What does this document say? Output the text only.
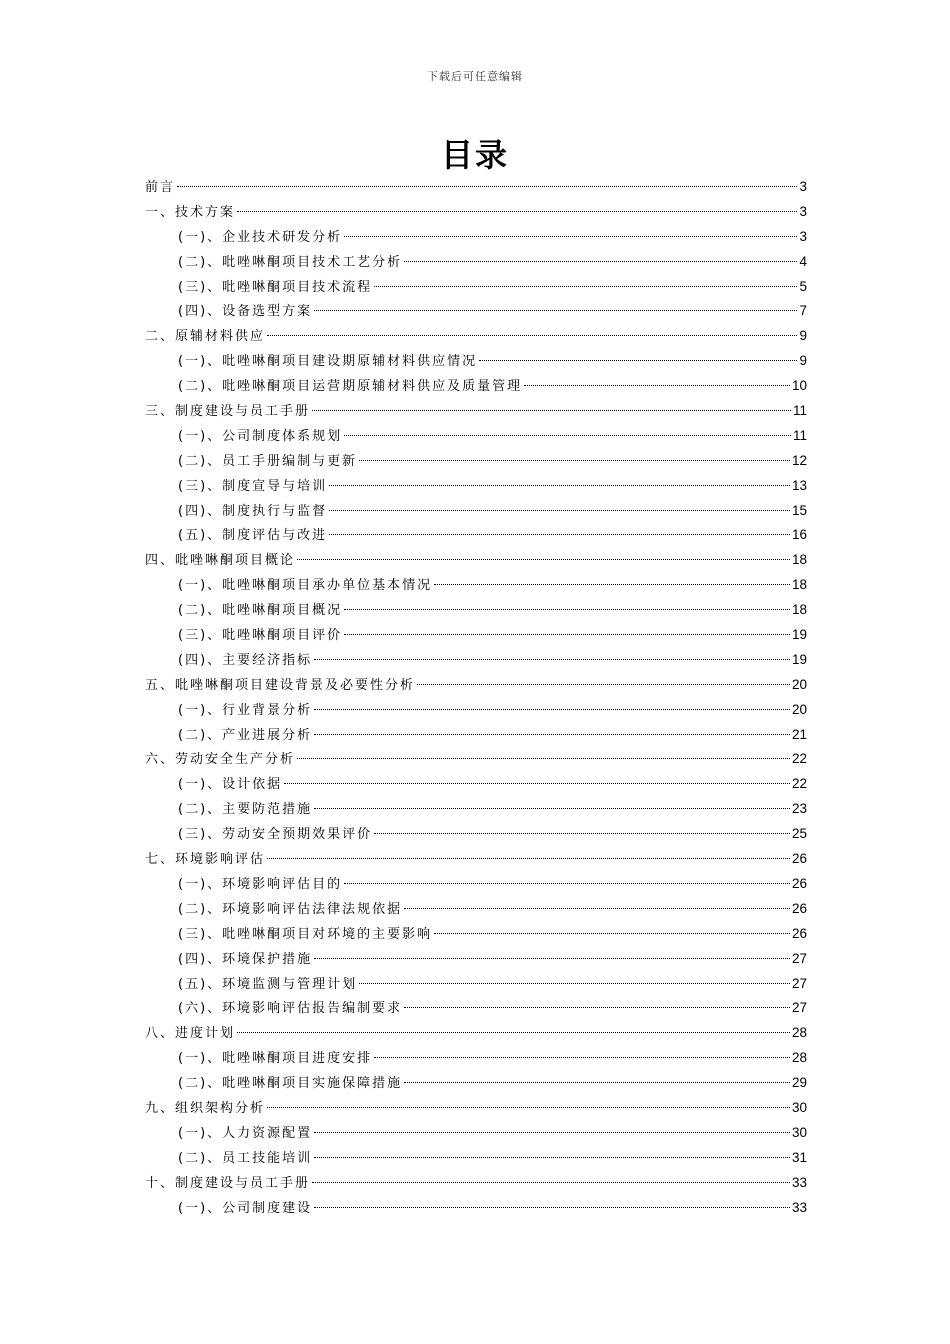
下载后可任意编辑
目录
前言	3
一、技术方案	3
(一)、企业技术研发分析	3
(二)、吡唑啉酮项目技术工艺分析	4
(三)、吡唑啉酮项目技术流程	5
(四)、设备选型方案	7
二、原辅材料供应	9
(一)、吡唑啉酮项目建设期原辅材料供应情况	9
(二)、吡唑啉酮项目运营期原辅材料供应及质量管理	10
三、制度建设与员工手册	11
(一)、公司制度体系规划	11
(二)、员工手册编制与更新	12
(三)、制度宣导与培训	13
(四)、制度执行与监督	15
(五)、制度评估与改进	16
四、吡唑啉酮项目概论	18
(一)、吡唑啉酮项目承办单位基本情况	18
(二)、吡唑啉酮项目概况	18
(三)、吡唑啉酮项目评价	19
(四)、主要经济指标	19
五、吡唑啉酮项目建设背景及必要性分析	20
(一)、行业背景分析	20
(二)、产业进展分析	21
六、劳动安全生产分析	22
(一)、设计依据	22
(二)、主要防范措施	23
(三)、劳动安全预期效果评价	25
七、环境影响评估	26
(一)、环境影响评估目的	26
(二)、环境影响评估法律法规依据	26
(三)、吡唑啉酮项目对环境的主要影响	26
(四)、环境保护措施	27
(五)、环境监测与管理计划	27
(六)、环境影响评估报告编制要求	27
八、进度计划	28
(一)、吡唑啉酮项目进度安排	28
(二)、吡唑啉酮项目实施保障措施	29
九、组织架构分析	30
(一)、人力资源配置	30
(二)、员工技能培训	31
十、制度建设与员工手册	33
(一)、公司制度建设	33
